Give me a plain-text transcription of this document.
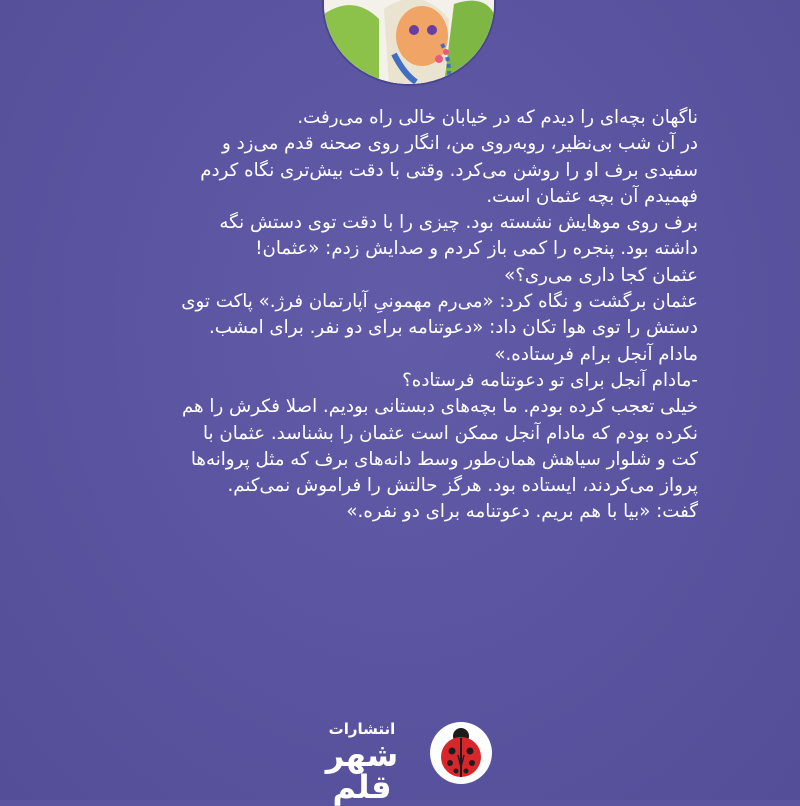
ناگهان بچه‌ای را دیدم که در خیابان خالی راه می‌رفت.
در آن شب بی‌نظیر، روبه‌روی من، انگار روی صحنه قدم می‌زد و
سفیدی برف او را روشن می‌کرد. وقتی با دقت بیش‌تری نگاه کردم
فهمیدم آن بچه عثمان است.
برف روی موهایش نشسته بود. چیزی را با دقت توی دستش نگه
داشته بود. پنجره را کمی باز کردم و صدایش زدم: «عثمان!
عثمان کجا داری می‌ری؟»
عثمان برگشت و نگاه کرد: «می‌رم مهمونیِ آپارتمان فرژ.» پاکت توی
دستش را توی هوا تکان داد: «دعوتنامه برای دو نفر. برای امشب.
مادام آنجل برام فرستاده.»
-مادام آنجل برای تو دعوتنامه فرستاده؟
خیلی تعجب کرده بودم. ما بچه‌های دبستانی بودیم. اصلا فکرش را هم
نکرده بودم که مادام آنجل ممکن است عثمان را بشناسد. عثمان با
کت و شلوار سیاهش همان‌طور وسط دانه‌های برف که مثل پروانه‌ها
پرواز می‌کردند، ایستاده بود. هرگز حالتش را فراموش نمی‌کنم.
گفت: «بیا با هم بریم. دعوتنامه برای دو نفره.»
انتشارات
شهر قلم
